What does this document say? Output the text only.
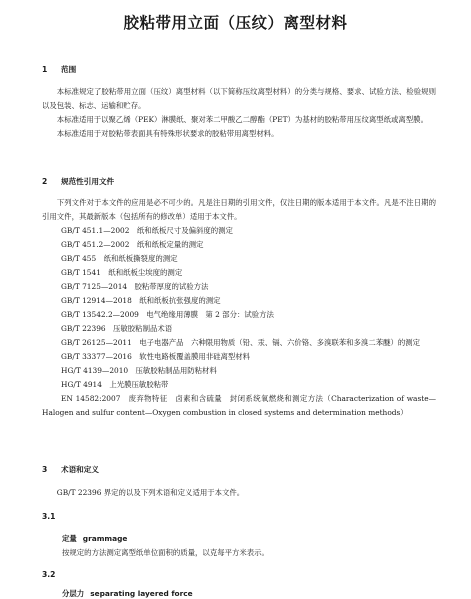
胶粘带用立面（压纹）离型材料
1 范围

本标准规定了胶粘带用立面（压纹）离型材料（以下简称压纹离型材料）的分类与规格、要求、试验方法、检验规则以及包装、标志、运输和贮存。

本标准适用于以聚乙烯（PEK）淋膜纸、聚对苯二甲酸乙二醇酯（PET）为基材的胶粘带用压纹离型纸或离型膜。

本标准适用于对胶粘带表面具有特殊形状要求的胶粘带用离型材料。

2 规范性引用文件

下列文件对于本文件的应用是必不可少的。凡是注日期的引用文件，仅注日期的版本适用于本文件。凡是不注日期的引用文件，其最新版本（包括所有的修改单）适用于本文件。

GB/T 451.1—2002　纸和纸板尺寸及偏斜度的测定

GB/T 451.2—2002　纸和纸板定量的测定

GB/T 455　纸和纸板撕裂度的测定

GB/T 1541　纸和纸板尘埃度的测定

GB/T 7125—2014　胶粘带厚度的试验方法

GB/T 12914—2018　纸和纸板抗张强度的测定

GB/T 13542.2—2009　电气绝缘用薄膜　第 2 部分：试验方法

GB/T 22396　压敏胶粘制品术语

GB/T 26125—2011　电子电器产品　六种限用物质（铅、汞、镉、六价铬、多溴联苯和多溴二苯醚）的测定

GB/T 33377—2016　软性电路板覆盖膜用非硅离型材料

HG/T 4139—2010　压敏胶粘制品用防粘材料

HG/T 4914　上光膜压敏胶粘带

EN 14582:2007　废弃物特征　卤素和含硫量　封闭系统氧燃烧和测定方法（Characterization of waste—Halogen and sulfur content—Oxygen combustion in closed systems and determination methods）

3 术语和定义

GB/T 22396 界定的以及下列术语和定义适用于本文件。

3.1
定量 grammage
按规定的方法测定离型纸单位面积的质量，以克每平方米表示。
3.2
分层力 separating layered force
